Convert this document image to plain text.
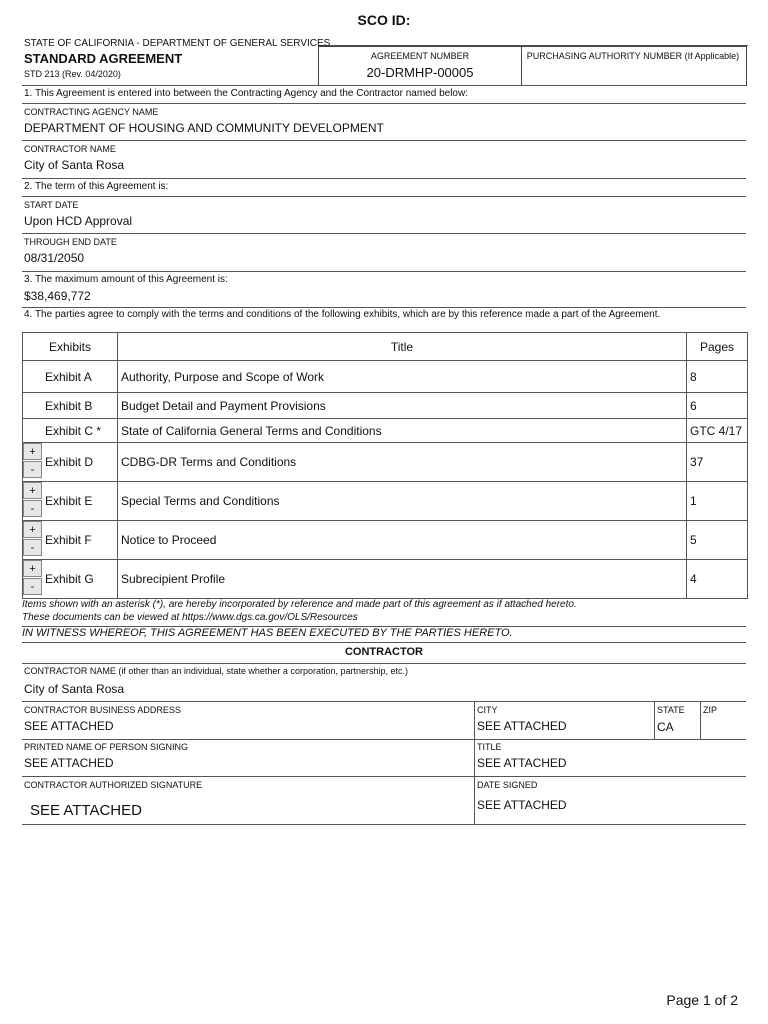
SCO ID:
STATE OF CALIFORNIA - DEPARTMENT OF GENERAL SERVICES
STANDARD AGREEMENT
STD 213 (Rev. 04/2020)
AGREEMENT NUMBER
20-DRMHP-00005
PURCHASING AUTHORITY NUMBER (If Applicable)
1. This Agreement is entered into between the Contracting Agency and the Contractor named below:
CONTRACTING AGENCY NAME
DEPARTMENT OF HOUSING AND COMMUNITY DEVELOPMENT
CONTRACTOR NAME
City of Santa Rosa
2. The term of this Agreement is:
START DATE
Upon HCD Approval
THROUGH END DATE
08/31/2050
3. The maximum amount of this Agreement is:
$38,469,772
4. The parties agree to comply with the terms and conditions of the following exhibits, which are by this reference made a part of the Agreement.
Exhibits	Title	Pages
Exhibit A	Authority, Purpose and Scope of Work	8
Exhibit B	Budget Detail and Payment Provisions	6
Exhibit C *	State of California General Terms and Conditions	GTC 4/17
Exhibit D	CDBG-DR Terms and Conditions	37
Exhibit E	Special Terms and Conditions	1
Exhibit F	Notice to Proceed	5
Exhibit G	Subrecipient Profile	4
+
-
+
-
+
-
+
-
Items shown with an asterisk (*), are hereby incorporated by reference and made part of this agreement as if attached hereto.
These documents can be viewed at https://www.dgs.ca.gov/OLS/Resources
IN WITNESS WHEREOF, THIS AGREEMENT HAS BEEN EXECUTED BY THE PARTIES HERETO.
CONTRACTOR
CONTRACTOR NAME (if other than an individual, state whether a corporation, partnership, etc.)
City of Santa Rosa
CONTRACTOR BUSINESS ADDRESS
SEE ATTACHED
CITY
SEE ATTACHED
STATE
CA
ZIP
PRINTED NAME OF PERSON SIGNING
SEE ATTACHED
TITLE
SEE ATTACHED
CONTRACTOR AUTHORIZED SIGNATURE
SEE ATTACHED
DATE SIGNED
SEE ATTACHED
Page 1 of 2
